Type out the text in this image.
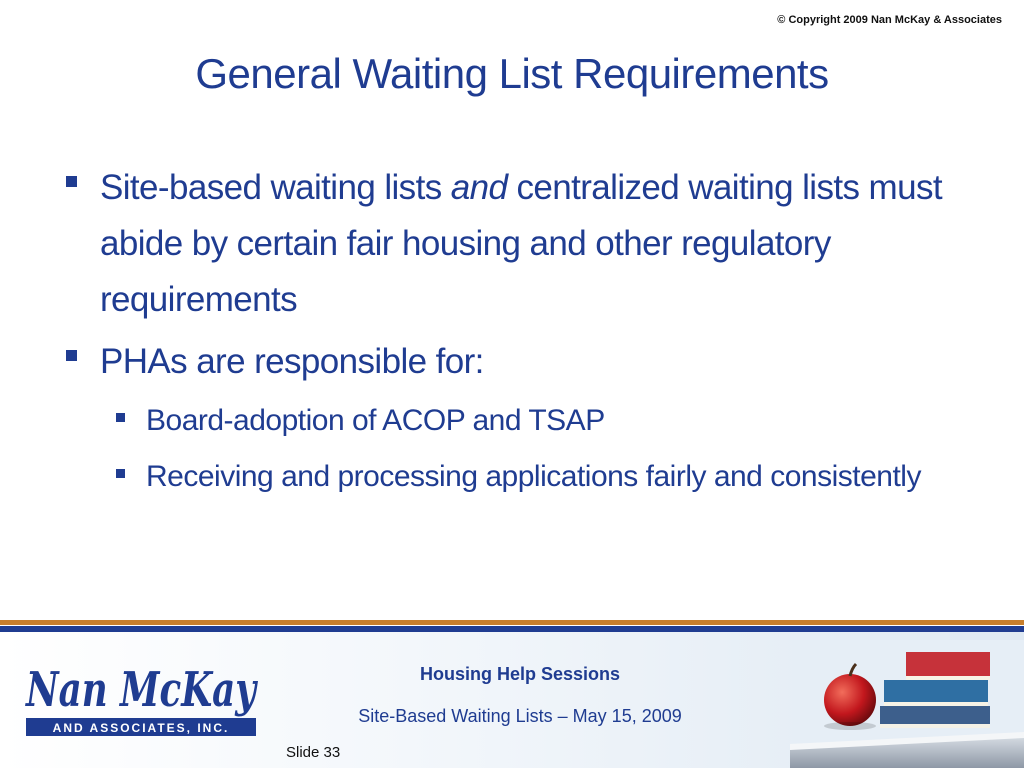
© Copyright 2009 Nan McKay & Associates
General Waiting List Requirements
Site-based waiting lists and centralized waiting lists must abide by certain fair housing and other regulatory requirements
PHAs are responsible for:
Board-adoption of ACOP and TSAP
Receiving and processing applications fairly and consistently
Nan McKay
AND ASSOCIATES, INC.
Housing Help Sessions
Site-Based Waiting Lists – May 15, 2009
Slide 33
